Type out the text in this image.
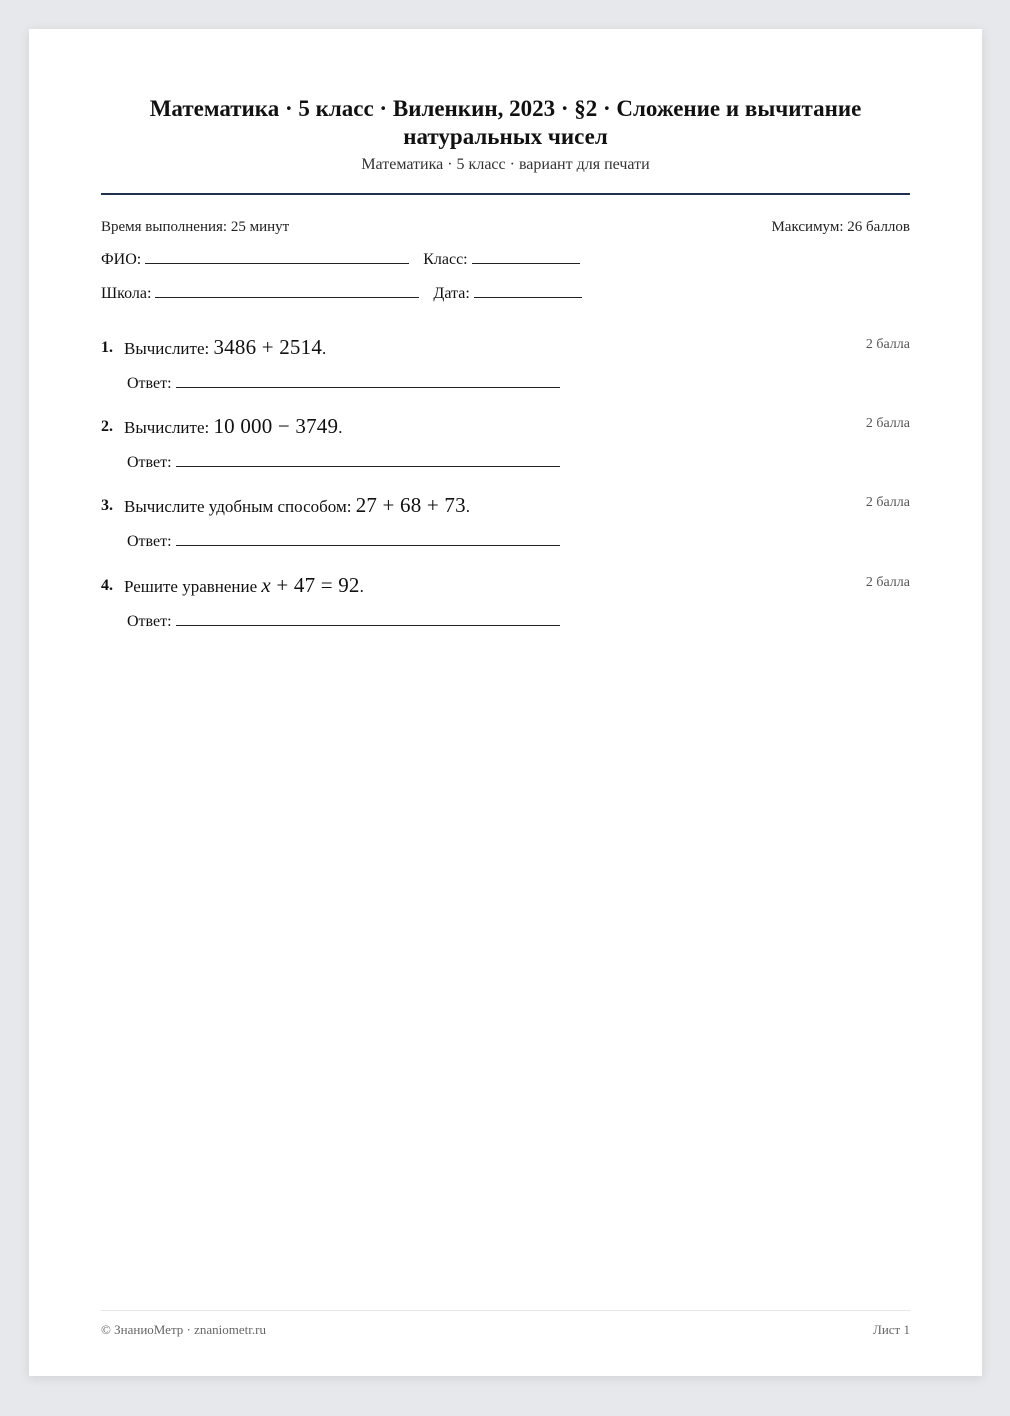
Математика · 5 класс · Виленкин, 2023 · §2 · Сложение и вычитание натуральных чисел
Математика · 5 класс · вариант для печати
Время выполнения: 25 минут	Максимум: 26 баллов
ФИО:	Класс:
Школа:	Дата:
1. Вычислите: 3486 + 2514.	2 балла
Ответ:
2. Вычислите: 10 000 − 3749.	2 балла
Ответ:
3. Вычислите удобным способом: 27 + 68 + 73.	2 балла
Ответ:
4. Решите уравнение x + 47 = 92.	2 балла
Ответ:
© ЗнаниоМетр · znaniometr.ru	Лист 1
